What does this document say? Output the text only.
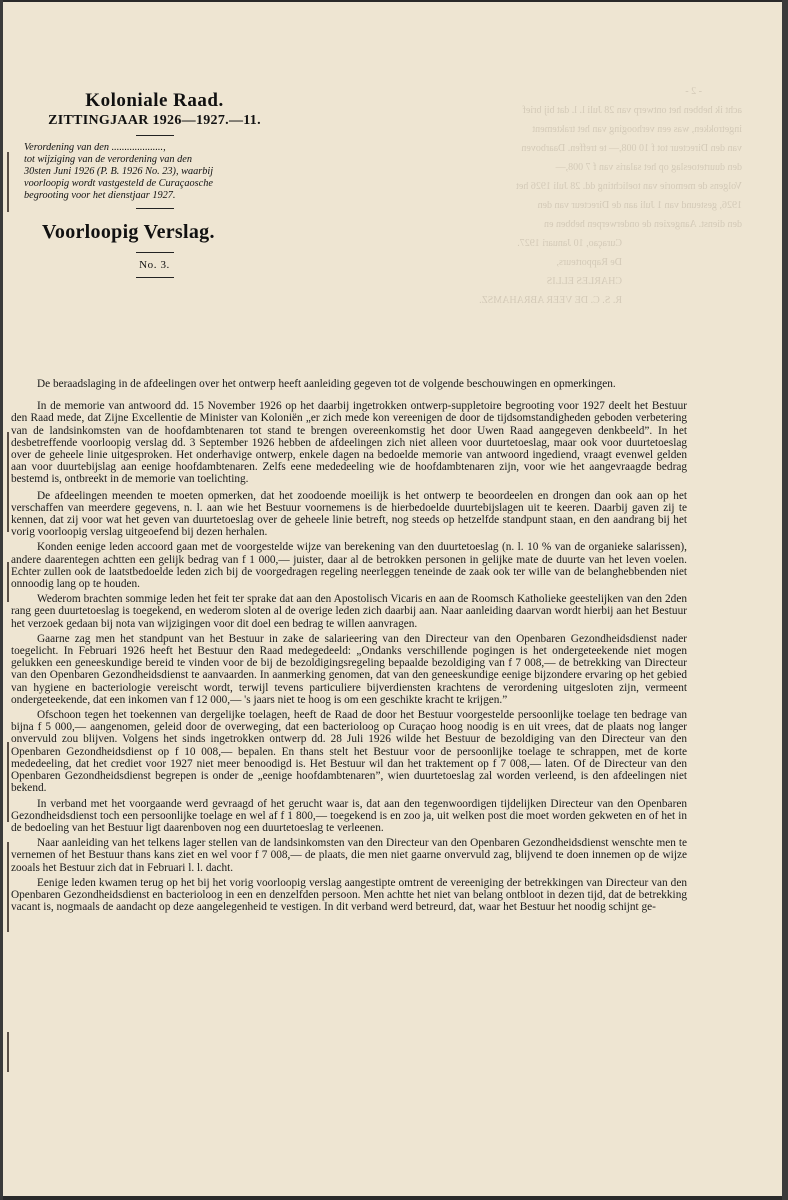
- 2 -
acht ik hebben het ontwerp van 28 Juli l. l. dat bij brief
ingetrokken, was een verhooging van het traktement
van den Directeur tot f 10 008,— te treffen. Daarboven
den duurtetoeslag op het salaris van f 7 008,—
Volgens de memorie van toelichting dd. 28 Juli 1926 het
1926, gesteund van 1 Juli aan de Directeur van den
den dienst. Aangezien de onderwerpen hebben en
Curaçao, 10 Januari 1927.
De Rapporteurs,
CHARLES ELLIS
R. S. C. DE VEER ABRAHAMSZ.
Koloniale Raad.
ZITTINGJAAR 1926—1927.—11.
Verordening van den ....................,
tot wijziging van de verordening van den
30sten Juni 1926 (P. B. 1926 No. 23), waarbij
voorloopig wordt vastgesteld de Curaçaosche
begrooting voor het dienstjaar 1927.
Voorloopig Verslag.
No. 3.

De beraadslaging in de afdeelingen over het ontwerp heeft aanleiding gegeven tot de volgende beschouwingen en opmerkingen.

In de memorie van antwoord dd. 15 November 1926 op het daarbij ingetrokken ontwerp-suppletoire begrooting voor 1927 deelt het Bestuur den Raad mede, dat Zijne Excellentie de Minister van Koloniën „er zich mede kon vereenigen de door de tijdsomstandigheden geboden verbetering van de landsinkomsten van de hoofdambtenaren tot stand te brengen overeenkomstig het door Uwen Raad aangegeven denkbeeld”. In het desbetreffende voorloopig verslag dd. 3 September 1926 hebben de afdeelingen zich niet alleen voor duurtetoeslag, maar ook voor duurtetoeslag over de geheele linie uitgesproken. Het onderhavige ontwerp, enkele dagen na bedoelde memorie van antwoord ingediend, vraagt evenwel gelden aan voor duurtebijslag aan eenige hoofdambtenaren. Zelfs eene mededeeling wie de hoofdambtenaren zijn, voor wie het aangevraagde bedrag bestemd is, ontbreekt in de memorie van toelichting.

De afdeelingen meenden te moeten opmerken, dat het zoodoende moeilijk is het ontwerp te beoordeelen en drongen dan ook aan op het verschaffen van meerdere gegevens, n. l. aan wie het Bestuur voornemens is de hierbedoelde duurtebijslagen uit te keeren. Daarbij gaven zij te kennen, dat zij voor wat het geven van duurtetoeslag over de geheele linie betreft, nog steeds op hetzelfde standpunt staan, en den aandrang bij het vorig voorloopig verslag uitgeoefend bij dezen herhalen.

Konden eenige leden accoord gaan met de voorgestelde wijze van berekening van den duurtetoeslag (n. l. 10 % van de organieke salarissen), andere daarentegen achtten een gelijk bedrag van f 1 000,— juister, daar al de betrokken personen in gelijke mate de duurte van het leven voelen. Echter zullen ook de laatstbedoelde leden zich bij de voorgedragen regeling neerleggen teneinde de zaak ook ter wille van de belanghebbenden niet onnoodig lang op te houden.

Wederom brachten sommige leden het feit ter sprake dat aan den Apostolisch Vicaris en aan de Roomsch Katholieke geestelijken van den 2den rang geen duurtetoeslag is toegekend, en wederom sloten al de overige leden zich daarbij aan. Naar aanleiding daarvan wordt hierbij aan het Bestuur het verzoek gedaan bij nota van wijzigingen voor dit doel een bedrag te willen aanvragen.

Gaarne zag men het standpunt van het Bestuur in zake de salarieering van den Directeur van den Openbaren Gezondheidsdienst nader toegelicht. In Februari 1926 heeft het Bestuur den Raad medegedeeld: „Ondanks verschillende pogingen is het ondergeteekende niet mogen gelukken een geneeskundige bereid te vinden voor de bij de bezoldigingsregeling bepaalde bezoldiging van f 7 008,— de betrekking van Directeur van den Openbaren Gezondheidsdienst te aanvaarden. In aanmerking genomen, dat van den geneeskundige eenige bijzondere ervaring op het gebied van hygiene en bacteriologie vereischt wordt, terwijl tevens particuliere bijverdiensten krachtens de verordening uitgesloten zijn, vermeent ondergeteekende, dat een inkomen van f 12 000,— 's jaars niet te hoog is om een geschikte kracht te krijgen.”

Ofschoon tegen het toekennen van dergelijke toelagen, heeft de Raad de door het Bestuur voorgestelde persoonlijke toelage ten bedrage van bijna f 5 000,— aangenomen, geleid door de overweging, dat een bacterioloog op Curaçao hoog noodig is en uit vrees, dat de plaats nog langer onvervuld zou blijven. Volgens het sinds ingetrokken ontwerp dd. 28 Juli 1926 wilde het Bestuur de bezoldiging van den Directeur van den Openbaren Gezondheidsdienst op f 10 008,— bepalen. En thans stelt het Bestuur voor de persoonlijke toelage te schrappen, met de korte mededeeling, dat het crediet voor 1927 niet meer benoodigd is. Het Bestuur wil dan het traktement op f 7 008,— laten. Of de Directeur van den Openbaren Gezondheidsdienst begrepen is onder de „eenige hoofdambtenaren”, wien duurtetoeslag zal worden verleend, is den afdeelingen niet bekend.

In verband met het voorgaande werd gevraagd of het gerucht waar is, dat aan den tegenwoordigen tijdelijken Directeur van den Openbaren Gezondheidsdienst toch een persoonlijke toelage en wel af f 1 800,— toegekend is en zoo ja, uit welken post die moet worden gekweten en of het in de bedoeling van het Bestuur ligt daarenboven nog een duurtetoeslag te verleenen.

Naar aanleiding van het telkens lager stellen van de landsinkomsten van den Directeur van den Openbaren Gezondheidsdienst wenschte men te vernemen of het Bestuur thans kans ziet en wel voor f 7 008,— de plaats, die men niet gaarne onvervuld zag, blijvend te doen innemen op de wijze zooals het Bestuur zich dat in Februari l. l. dacht.

Eenige leden kwamen terug op het bij het vorig voorloopig verslag aangestipte omtrent de vereeniging der betrekkingen van Directeur van den Openbaren Gezondheidsdienst en bacterioloog in een en denzelfden persoon. Men achtte het niet van belang ontbloot in dezen tijd, dat de betrekking vacant is, nogmaals de aandacht op deze aangelegenheid te vestigen. In dit verband werd betreurd, dat, waar het Bestuur het noodig schijnt ge-
